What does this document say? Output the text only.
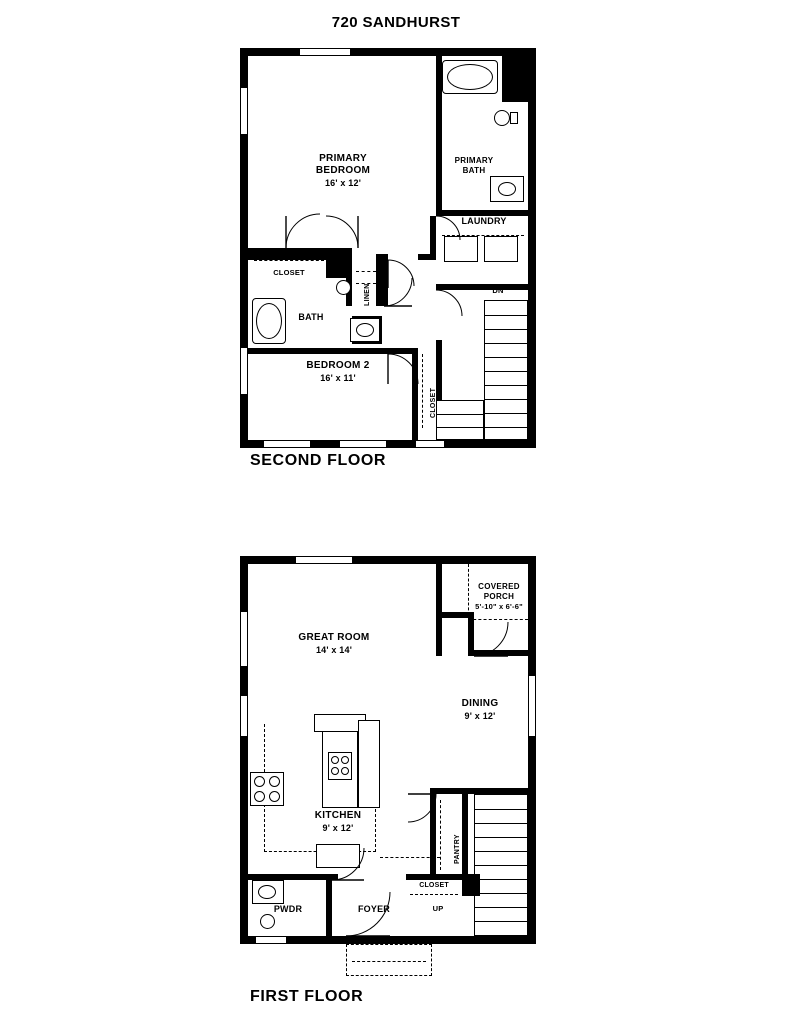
720 SANDHURST
DN
CLOSET
CLOSET
LINEN
PRIMARY
BEDROOM
16' x 12'
PRIMARY
BATH
LAUNDRY
BATH
BEDROOM 2
16' x 11'
SECOND FLOOR
COVERED
PORCH
5'-10" x 6'-6"
KITCHEN
9' x 12'
GREAT ROOM
14' x 14'
DINING
9' x 12'
PANTRY
UP
CLOSET
PWDR	FOYER
FIRST FLOOR
